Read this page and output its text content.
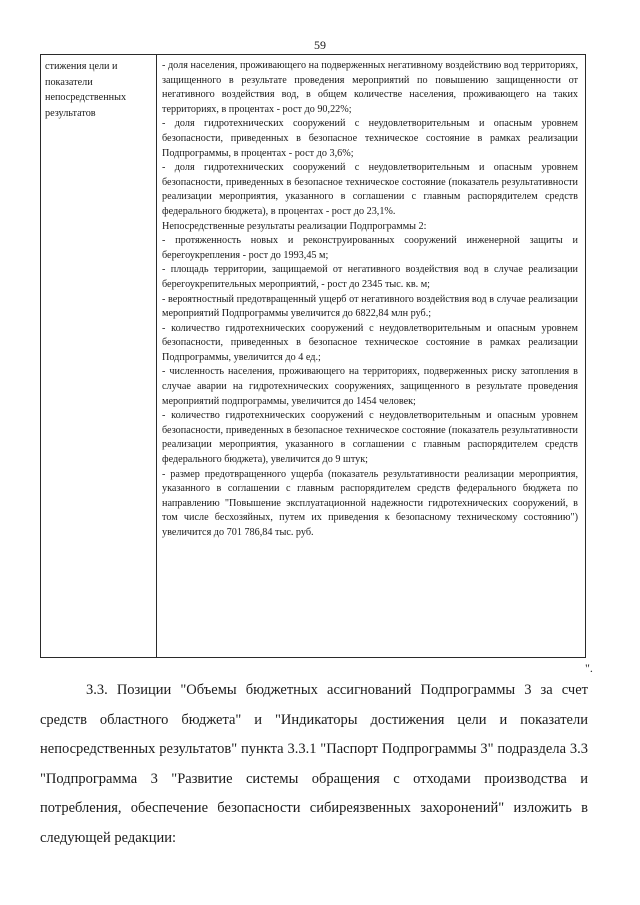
59
стижения цели и показатели непосредственных результатов

- доля населения, проживающего на подверженных негативному воздействию вод территориях, защищенного в результате проведения мероприятий по повышению защищенности от негативного воздействия вод, в общем количестве населения, проживающего на таких территориях, в процентах - рост до 90,22%;

- доля гидротехнических сооружений с неудовлетворительным и опасным уровнем безопасности, приведенных в безопасное техническое состояние в рамках реализации Подпрограммы, в процентах - рост до 3,6%;

- доля гидротехнических сооружений с неудовлетворительным и опасным уровнем безопасности, приведенных в безопасное техническое состояние (показатель результативности реализации мероприятия, указанного в соглашении с главным распорядителем средств федерального бюджета), в процентах - рост до 23,1%.

Непосредственные результаты реализации Подпрограммы 2:

- протяженность новых и реконструированных сооружений инженерной защиты и берегоукрепления - рост до 1993,45 м;

- площадь территории, защищаемой от негативного воздействия вод в случае реализации берегоукрепительных мероприятий, - рост до 2345 тыс. кв. м;

- вероятностный предотвращенный ущерб от негативного воздействия вод в случае реализации мероприятий Подпрограммы увеличится до 6822,84 млн руб.;

- количество гидротехнических сооружений с неудовлетворительным и опасным уровнем безопасности, приведенных в безопасное техническое состояние в рамках реализации Подпрограммы, увеличится до 4 ед.;

- численность населения, проживающего на территориях, подверженных риску затопления в случае аварии на гидротехнических сооружениях, защищенного в результате проведения мероприятий подпрограммы, увеличится до 1454 человек;

- количество гидротехнических сооружений с неудовлетворительным и опасным уровнем безопасности, приведенных в безопасное техническое состояние (показатель результативности реализации мероприятия, указанного в соглашении с главным распорядителем средств федерального бюджета), увеличится до 9 штук;

- размер предотвращенного ущерба (показатель результативности реализации мероприятия, указанного в соглашении с главным распорядителем средств федерального бюджета по направлению "Повышение эксплуатационной надежности гидротехнических сооружений, в том числе бесхозяйных, путем их приведения к безопасному техническому состоянию") увеличится до 701 786,84 тыс. руб.

".

3.3. Позиции "Объемы бюджетных ассигнований Подпрограммы 3 за счет средств областного бюджета" и "Индикаторы достижения цели и показатели непосредственных результатов" пункта 3.3.1 "Паспорт Подпрограммы 3" подраздела 3.3 "Подпрограмма 3 "Развитие системы обращения с отходами производства и потребления, обеспечение безопасности сибиреязвенных захоронений" изложить в следующей редакции:
